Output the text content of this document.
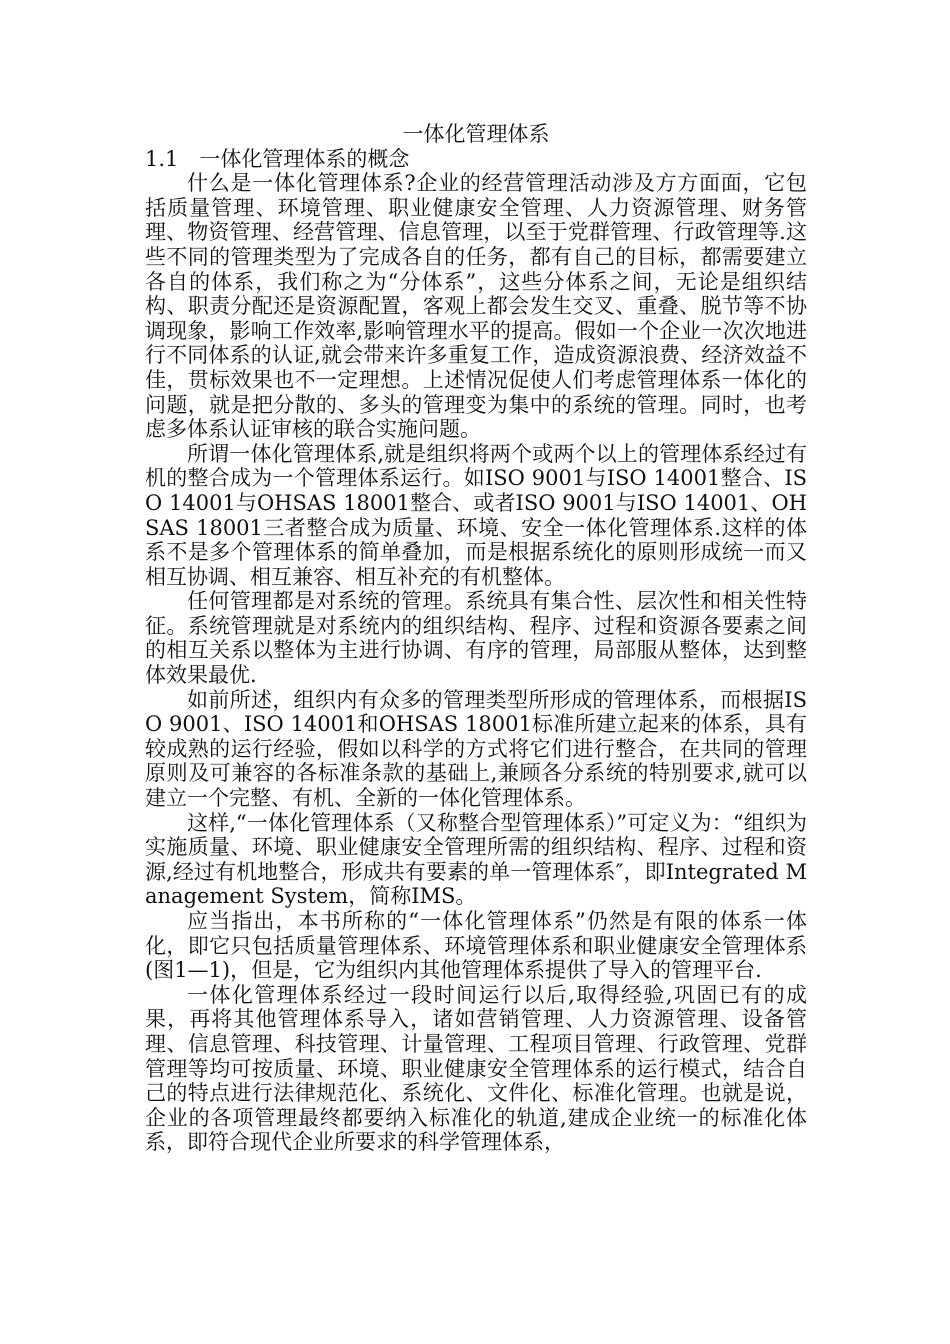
一体化管理体系
1.1　一体化管理体系的概念

什么是一体化管理体系?企业的经营管理活动涉及方方面面，它包括质量管理、环境管理、职业健康安全管理、人力资源管理、财务管理、物资管理、经营管理、信息管理，以至于党群管理、行政管理等.这些不同的管理类型为了完成各自的任务，都有自己的目标，都需要建立各自的体系，我们称之为“分体系”，这些分体系之间，无论是组织结构、职责分配还是资源配置，客观上都会发生交叉、重叠、脱节等不协调现象，影响工作效率,影响管理水平的提高。假如一个企业一次次地进行不同体系的认证,就会带来许多重复工作，造成资源浪费、经济效益不佳，贯标效果也不一定理想。上述情况促使人们考虑管理体系一体化的问题，就是把分散的、多头的管理变为集中的系统的管理。同时，也考虑多体系认证审核的联合实施问题。

所谓一体化管理体系,就是组织将两个或两个以上的管理体系经过有机的整合成为一个管理体系运行。如ISO 9001与ISO 14001整合、ISO 14001与OHSAS 18001整合、或者ISO 9001与ISO 14001、OHSAS 18001三者整合成为质量、环境、安全一体化管理体系.这样的体系不是多个管理体系的简单叠加，而是根据系统化的原则形成统一而又相互协调、相互兼容、相互补充的有机整体。

任何管理都是对系统的管理。系统具有集合性、层次性和相关性特征。系统管理就是对系统内的组织结构、程序、过程和资源各要素之间的相互关系以整体为主进行协调、有序的管理，局部服从整体，达到整体效果最优.

如前所述，组织内有众多的管理类型所形成的管理体系，而根据ISO 9001、ISO 14001和OHSAS 18001标准所建立起来的体系，具有较成熟的运行经验，假如以科学的方式将它们进行整合，在共同的管理原则及可兼容的各标准条款的基础上,兼顾各分系统的特别要求,就可以建立一个完整、有机、全新的一体化管理体系。

这样,“一体化管理体系（又称整合型管理体系）”可定义为：“组织为实施质量、环境、职业健康安全管理所需的组织结构、程序、过程和资源,经过有机地整合，形成共有要素的单一管理体系″，即Integrated Management System，简称IMS。

应当指出，本书所称的“一体化管理体系”仍然是有限的体系一体化，即它只包括质量管理体系、环境管理体系和职业健康安全管理体系(图1—1)，但是，它为组织内其他管理体系提供了导入的管理平台.

一体化管理体系经过一段时间运行以后,取得经验,巩固已有的成果，再将其他管理体系导入，诸如营销管理、人力资源管理、设备管理、信息管理、科技管理、计量管理、工程项目管理、行政管理、党群管理等均可按质量、环境、职业健康安全管理体系的运行模式，结合自己的特点进行法律规范化、系统化、文件化、标准化管理。也就是说，企业的各项管理最终都要纳入标准化的轨道,建成企业统一的标准化体系，即符合现代企业所要求的科学管理体系，
